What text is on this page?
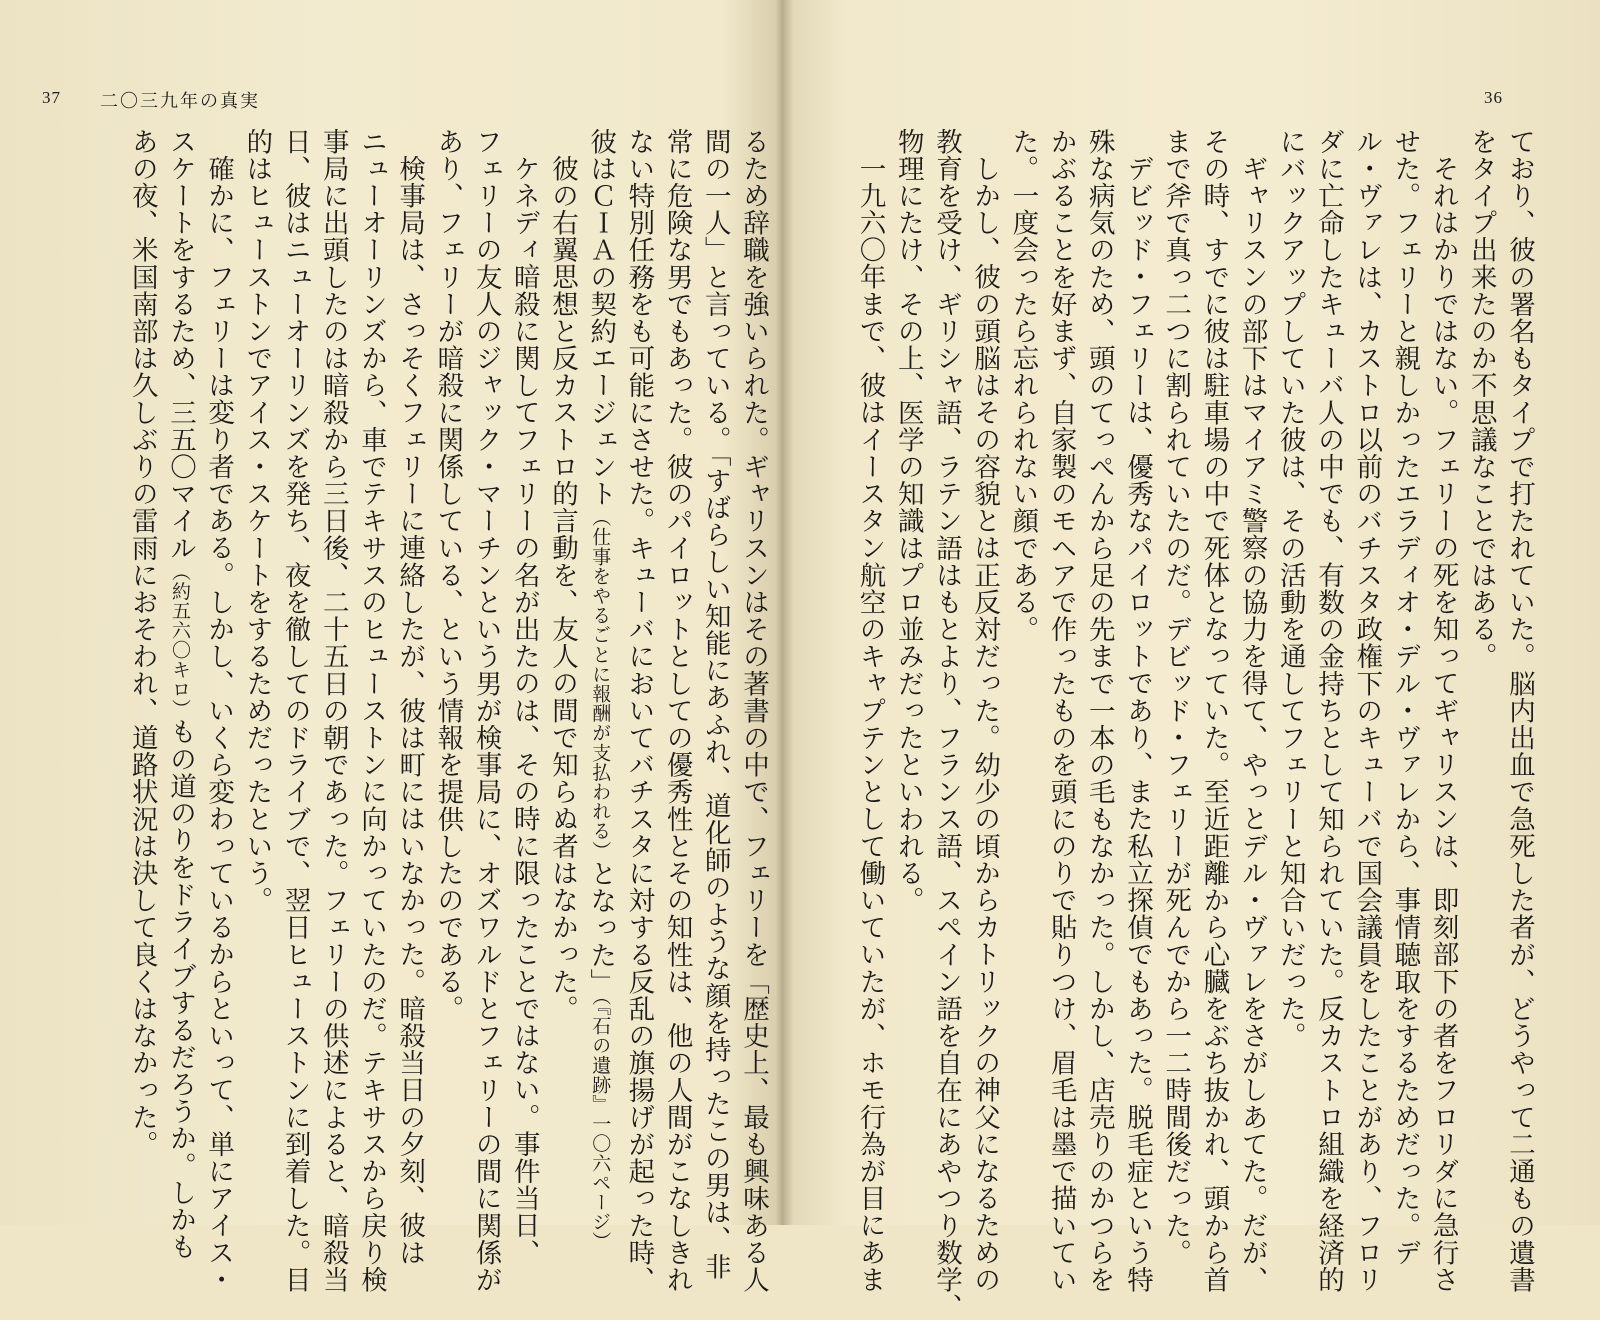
37 二〇三九年の真実

るため辞職を強いられた。ギャリスンはその著書の中で、フェリーを「歴史上、最も興味ある人
間の一人」と言っている。「すばらしい知能にあふれ、道化師のような顔を持ったこの男は、非
常に危険な男でもあった。彼のパイロットとしての優秀性とその知性は、他の人間がこなしきれ
ない特別任務をも可能にさせた。キューバにおいてバチスタに対する反乱の旗揚げが起った時、
彼はＣＩＡの契約エージェント（仕事をやるごとに報酬が支払われる）となった」（『石の遺跡』一〇六ページ）

彼の右翼思想と反カストロ的言動を、友人の間で知らぬ者はなかった。

ケネディ暗殺に関してフェリーの名が出たのは、その時に限ったことではない。事件当日、
フェリーの友人のジャック・マーチンという男が検事局に、オズワルドとフェリーの間に関係が
あり、フェリーが暗殺に関係している、という情報を提供したのである。

検事局は、さっそくフェリーに連絡したが、彼は町にはいなかった。暗殺当日の夕刻、彼は
ニューオーリンズから、車でテキサスのヒューストンに向かっていたのだ。テキサスから戻り検
事局に出頭したのは暗殺から三日後、二十五日の朝であった。フェリーの供述によると、暗殺当
日、彼はニューオーリンズを発ち、夜を徹してのドライブで、翌日ヒューストンに到着した。目
的はヒューストンでアイス・スケートをするためだったという。

確かに、フェリーは変り者である。しかし、いくら変わっているからといって、単にアイス・
スケートをするため、三五〇マイル（約五六〇キロ）もの道のりをドライブするだろうか。しかも
あの夜、米国南部は久しぶりの雷雨におそわれ、道路状況は決して良くはなかった。

36

ており、彼の署名もタイプで打たれていた。脳内出血で急死した者が、どうやって二通もの遺書
をタイプ出来たのか不思議なことではある。

それはかりではない。フェリーの死を知ってギャリスンは、即刻部下の者をフロリダに急行さ
せた。フェリーと親しかったエラディオ・デル・ヴァレから、事情聴取をするためだった。デ
ル・ヴァレは、カストロ以前のバチスタ政権下のキューバで国会議員をしたことがあり、フロリ
ダに亡命したキューバ人の中でも、有数の金持ちとして知られていた。反カストロ組織を経済的
にバックアップしていた彼は、その活動を通してフェリーと知合いだった。

ギャリスンの部下はマイアミ警察の協力を得て、やっとデル・ヴァレをさがしあてた。だが、
その時、すでに彼は駐車場の中で死体となっていた。至近距離から心臓をぶち抜かれ、頭から首
まで斧で真っ二つに割られていたのだ。デビッド・フェリーが死んでから一二時間後だった。

デビッド・フェリーは、優秀なパイロットであり、また私立探偵でもあった。脱毛症という特
殊な病気のため、頭のてっぺんから足の先まで一本の毛もなかった。しかし、店売りのかつらを
かぶることを好まず、自家製のモヘアで作ったものを頭にのりで貼りつけ、眉毛は墨で描いてい
た。一度会ったら忘れられない顔である。

しかし、彼の頭脳はその容貌とは正反対だった。幼少の頃からカトリックの神父になるための
教育を受け、ギリシャ語、ラテン語はもとより、フランス語、スペイン語を自在にあやつり数学、
物理にたけ、その上、医学の知識はプロ並みだったといわれる。

一九六〇年まで、彼はイースタン航空のキャプテンとして働いていたが、ホモ行為が目にあま
